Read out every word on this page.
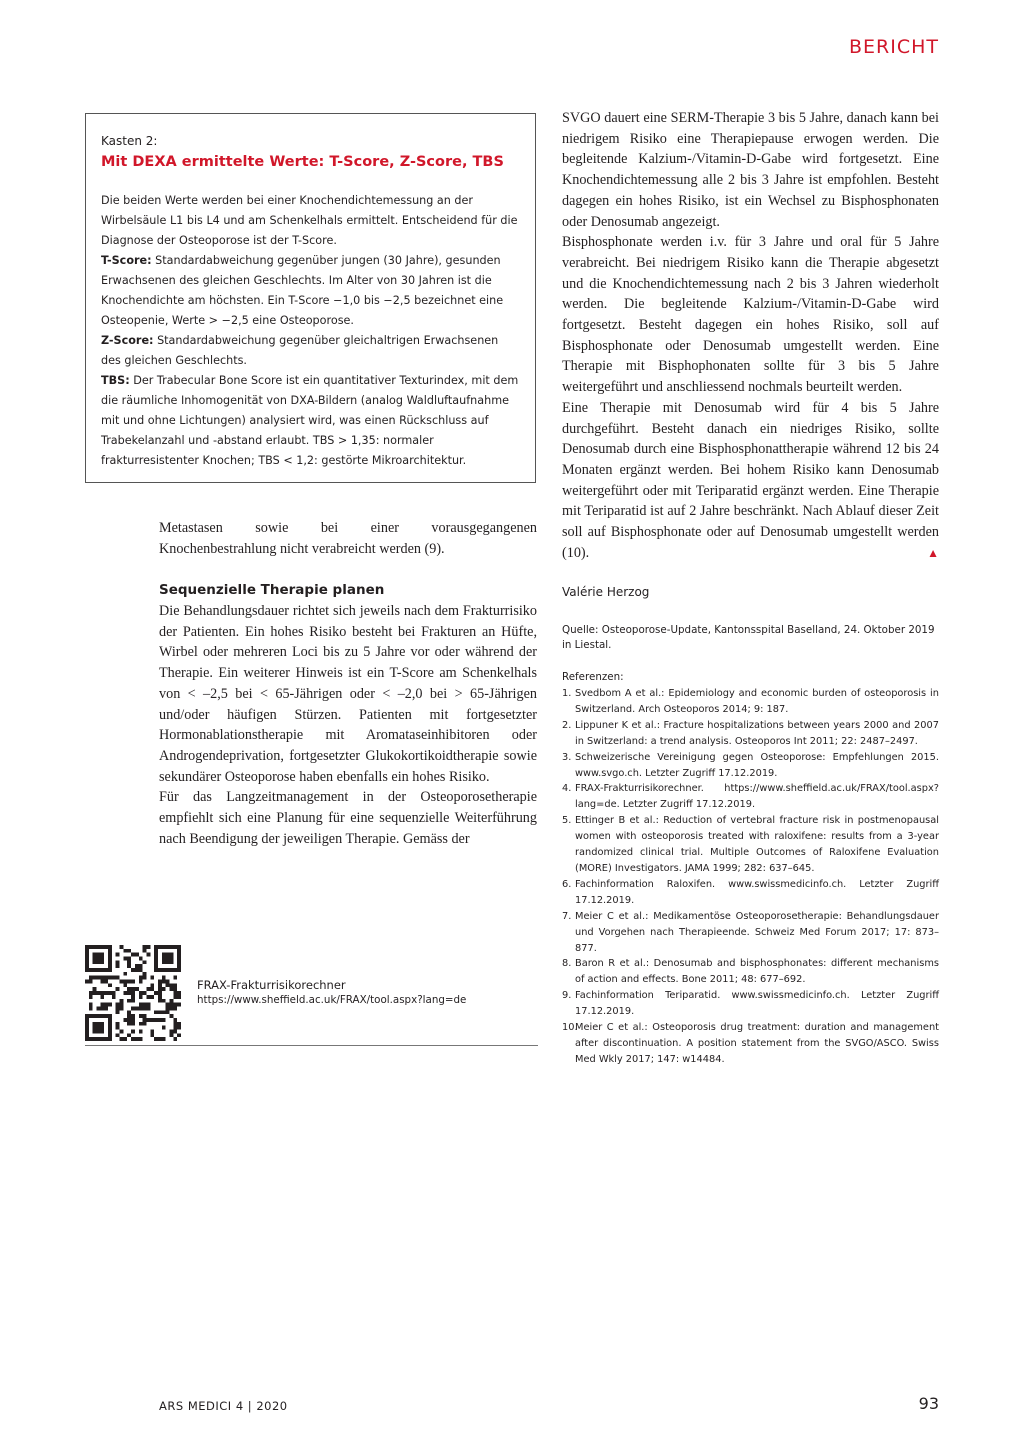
BERICHT
Kasten 2:
Mit DEXA ermittelte Werte: T-Score, Z-Score, TBS

Die beiden Werte werden bei einer Knochendichtemessung an der Wirbelsäule L1 bis L4 und am Schenkelhals ermittelt. Entscheidend für die Diagnose der Osteoporose ist der T-Score.

T-Score: Standardabweichung gegenüber jungen (30 Jahre), gesunden Erwachsenen des gleichen Geschlechts. Im Alter von 30 Jahren ist die Knochendichte am höchsten. Ein T-Score −1,0 bis −2,5 bezeichnet eine Osteopenie, Werte > −2,5 eine Osteoporose.

Z-Score: Standardabweichung gegenüber gleichaltrigen Erwachsenen des gleichen Geschlechts.

TBS: Der Trabecular Bone Score ist ein quantitativer Texturindex, mit dem die räumliche Inhomogenität von DXA-Bildern (analog Waldluftaufnahme mit und ohne Lichtungen) analysiert wird, was einen Rückschluss auf Trabekelanzahl und -abstand erlaubt. TBS > 1,35: normaler frakturresistenter Knochen; TBS < 1,2: gestörte Mikroarchitektur.

Metastasen sowie bei einer vorausgegangenen Knochenbestrahlung nicht verabreicht werden (9).

Sequenzielle Therapie planen

Die Behandlungsdauer richtet sich jeweils nach dem Frakturrisiko der Patienten. Ein hohes Risiko besteht bei Frakturen an Hüfte, Wirbel oder mehreren Loci bis zu 5 Jahre vor oder während der Therapie. Ein weiterer Hinweis ist ein T-Score am Schenkelhals von < –2,5 bei < 65-Jährigen oder < –2,0 bei > 65-Jährigen und/oder häufigen Stürzen. Patienten mit fortgesetzter Hormonablationstherapie mit Aromataseinhibitoren oder Androgendeprivation, fortgesetzter Glukokortikoidtherapie sowie sekundärer Osteoporose haben ebenfalls ein hohes Risiko.

Für das Langzeitmanagement in der Osteoporosetherapie empfiehlt sich eine Planung für eine sequenzielle Weiterführung nach Beendigung der jeweiligen Therapie. Gemäss der

SVGO dauert eine SERM-Therapie 3 bis 5 Jahre, danach kann bei niedrigem Risiko eine Therapiepause erwogen werden. Die begleitende Kalzium-/Vitamin-D-Gabe wird fortgesetzt. Eine Knochendichtemessung alle 2 bis 3 Jahre ist empfohlen. Besteht dagegen ein hohes Risiko, ist ein Wechsel zu Bisphosphonaten oder Denosumab angezeigt.

Bisphosphonate werden i.v. für 3 Jahre und oral für 5 Jahre verabreicht. Bei niedrigem Risiko kann die Therapie abgesetzt und die Knochendichtemessung nach 2 bis 3 Jahren wiederholt werden. Die begleitende Kalzium-/Vitamin-D-Gabe wird fortgesetzt. Besteht dagegen ein hohes Risiko, soll auf Bisphosphonate oder Denosumab umgestellt werden. Eine Therapie mit Bisphophonaten sollte für 3 bis 5 Jahre weitergeführt und anschliessend nochmals beurteilt werden.

Eine Therapie mit Denosumab wird für 4 bis 5 Jahre durchgeführt. Besteht danach ein niedriges Risiko, sollte Denosumab durch eine Bisphosphonattherapie während 12 bis 24 Monaten ergänzt werden. Bei hohem Risiko kann Denosumab weitergeführt oder mit Teriparatid ergänzt werden. Eine Therapie mit Teriparatid ist auf 2 Jahre beschränkt. Nach Ablauf dieser Zeit soll auf Bisphosphonate oder auf Denosumab umgestellt werden (10).	▲

Valérie Herzog
Quelle: Osteoporose-Update, Kantonsspital Baselland, 24. Oktober 2019 in Liestal.
Referenzen:
1. Svedbom A et al.: Epidemiology and economic burden of osteoporosis in Switzerland. Arch Osteoporos 2014; 9: 187.
2. Lippuner K et al.: Fracture hospitalizations between years 2000 and 2007 in Switzerland: a trend analysis. Osteoporos Int 2011; 22: 2487–2497.
3. Schweizerische Vereinigung gegen Osteoporose: Empfehlungen 2015. www.svgo.ch. Letzter Zugriff 17.12.2019.
4. FRAX-Frakturrisikorechner. https://www.sheffield.ac.uk/FRAX/tool.aspx?lang=de. Letzter Zugriff 17.12.2019.
5. Ettinger B et al.: Reduction of vertebral fracture risk in postmenopausal women with osteoporosis treated with raloxifene: results from a 3-year randomized clinical trial. Multiple Outcomes of Raloxifene Evaluation (MORE) Investigators. JAMA 1999; 282: 637–645.
6. Fachinformation Raloxifen. www.swissmedicinfo.ch. Letzter Zugriff 17.12.2019.
7. Meier C et al.: Medikamentöse Osteoporosetherapie: Behandlungsdauer und Vorgehen nach Therapieende. Schweiz Med Forum 2017; 17: 873–877.
8. Baron R et al.: Denosumab and bisphosphonates: different mechanisms of action and effects. Bone 2011; 48: 677–692.
9. Fachinformation Teriparatid. www.swissmedicinfo.ch. Letzter Zugriff 17.12.2019.
10.
Meier C et al.: Osteoporosis drug treatment: duration and management after discontinuation. A position statement from the SVGO/ASCO. Swiss Med Wkly 2017; 147: w14484.
FRAX-Frakturrisikorechner
https://www.sheffield.ac.uk/FRAX/tool.aspx?lang=de
ARS MEDICI 4 | 2020	93
